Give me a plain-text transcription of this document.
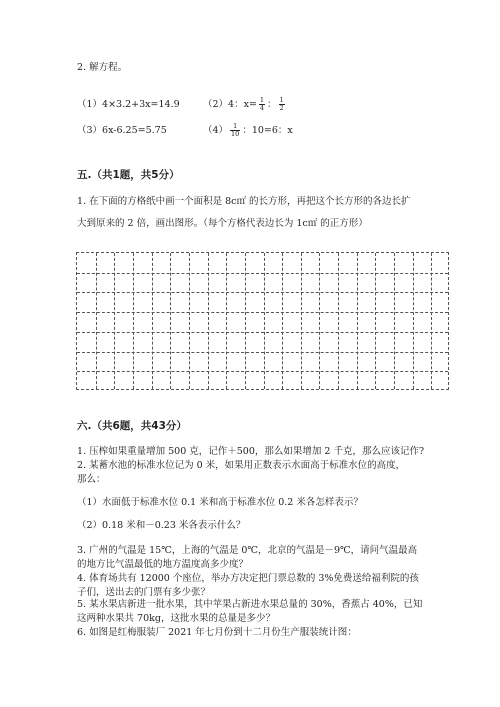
2. 解方程。
（1）4×3.2+3x=14.9 （2）4：$x= \frac{1}{4}$ ： $\frac{1}{2}$
（3）6x-6.25=5.75	$(4) \frac{1}{10}$ ：10=6：x
五.（共1题，共5分）
1. 在下面的方格纸中画一个面积是 8c㎡ 的长方形，再把这个长方形的各边长扩
大到原来的 2 倍，画出图形。（每个方格代表边长为 1c㎡ 的正方形）
六.（共6题，共43分）
1. 压榨如果重量增加 500 克，记作＋500，那么如果增加 2 千克，那么应该记作?
2. 某蓄水池的标准水位记为 0 米，如果用正数表示水面高于标准水位的高度，
那么：
（1）水面低于标准水位 0.1 米和高于标准水位 0.2 米各怎样表示？
（2）0.18 米和－0.23 米各表示什么？
3. 广州的气温是 15℃，上海的气温是 0℃，北京的气温是－9℃，请问气温最高
的地方比气温最低的地方温度高多少度？
4. 体育场共有 12000 个座位，举办方决定把门票总数的 3%免费送给福利院的孩
子们，送出去的门票有多少张？
5. 某水果店新进一批水果，其中苹果占新进水果总量的 30%，香蕉占 40%，已知
这两种水果共 70kg，这批水果的总量是多少？
6. 如图是红梅服装厂 2021 年七月份到十二月份生产服装统计图：
